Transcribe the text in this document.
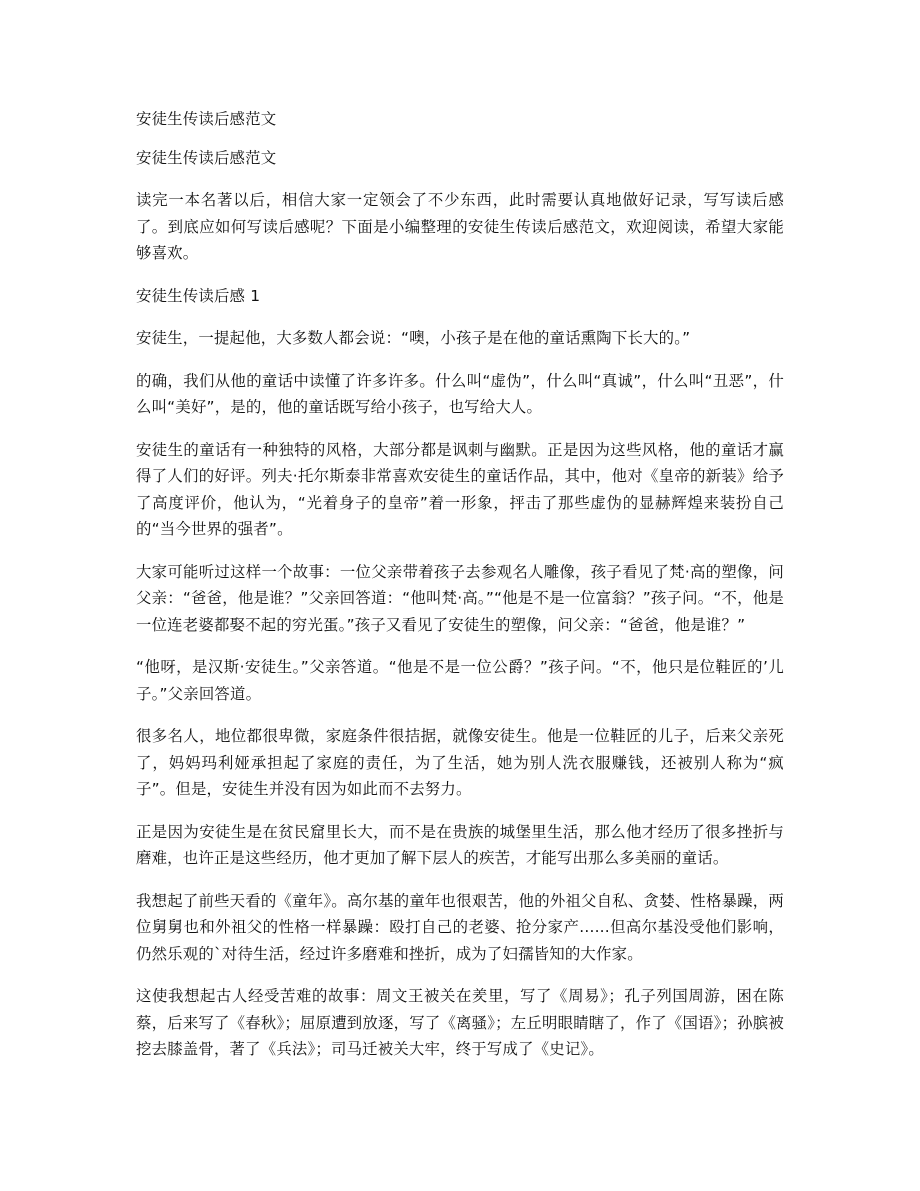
安徒生传读后感范文

安徒生传读后感范文

读完一本名著以后，相信大家一定领会了不少东西，此时需要认真地做好记录，写写读后感了。到底应如何写读后感呢？下面是小编整理的安徒生传读后感范文，欢迎阅读，希望大家能够喜欢。

安徒生传读后感 1

安徒生，一提起他，大多数人都会说：“噢，小孩子是在他的童话熏陶下长大的。”

的确，我们从他的童话中读懂了许多许多。什么叫“虚伪”，什么叫“真诚”，什么叫“丑恶”，什么叫“美好”，是的，他的童话既写给小孩子，也写给大人。

安徒生的童话有一种独特的风格，大部分都是讽刺与幽默。正是因为这些风格，他的童话才赢得了人们的好评。列夫·托尔斯泰非常喜欢安徒生的童话作品，其中，他对《皇帝的新装》给予了高度评价，他认为，“光着身子的皇帝”着一形象，抨击了那些虚伪的显赫辉煌来装扮自己的“当今世界的强者”。

大家可能听过这样一个故事：一位父亲带着孩子去参观名人雕像，孩子看见了梵·高的塑像，问父亲：“爸爸，他是谁？”父亲回答道：“他叫梵·高。”“他是不是一位富翁？”孩子问。“不，他是一位连老婆都娶不起的穷光蛋。”孩子又看见了安徒生的塑像，问父亲：“爸爸，他是谁？”

“他呀，是汉斯·安徒生。”父亲答道。“他是不是一位公爵？”孩子问。“不，他只是位鞋匠的’儿子。”父亲回答道。

很多名人，地位都很卑微，家庭条件很拮据，就像安徒生。他是一位鞋匠的儿子，后来父亲死了，妈妈玛利娅承担起了家庭的责任，为了生活，她为别人洗衣服赚钱，还被别人称为“疯子”。但是，安徒生并没有因为如此而不去努力。

正是因为安徒生是在贫民窟里长大，而不是在贵族的城堡里生活，那么他才经历了很多挫折与磨难，也许正是这些经历，他才更加了解下层人的疾苦，才能写出那么多美丽的童话。

我想起了前些天看的《童年》。高尔基的童年也很艰苦，他的外祖父自私、贪婪、性格暴躁，两位舅舅也和外祖父的性格一样暴躁：殴打自己的老婆、抢分家产......但高尔基没受他们影响，仍然乐观的`对待生活，经过许多磨难和挫折，成为了妇孺皆知的大作家。

这使我想起古人经受苦难的故事：周文王被关在羑里，写了《周易》；孔子列国周游，困在陈蔡，后来写了《春秋》；屈原遭到放逐，写了《离骚》；左丘明眼睛瞎了，作了《国语》；孙膑被挖去膝盖骨，著了《兵法》；司马迁被关大牢，终于写成了《史记》。
